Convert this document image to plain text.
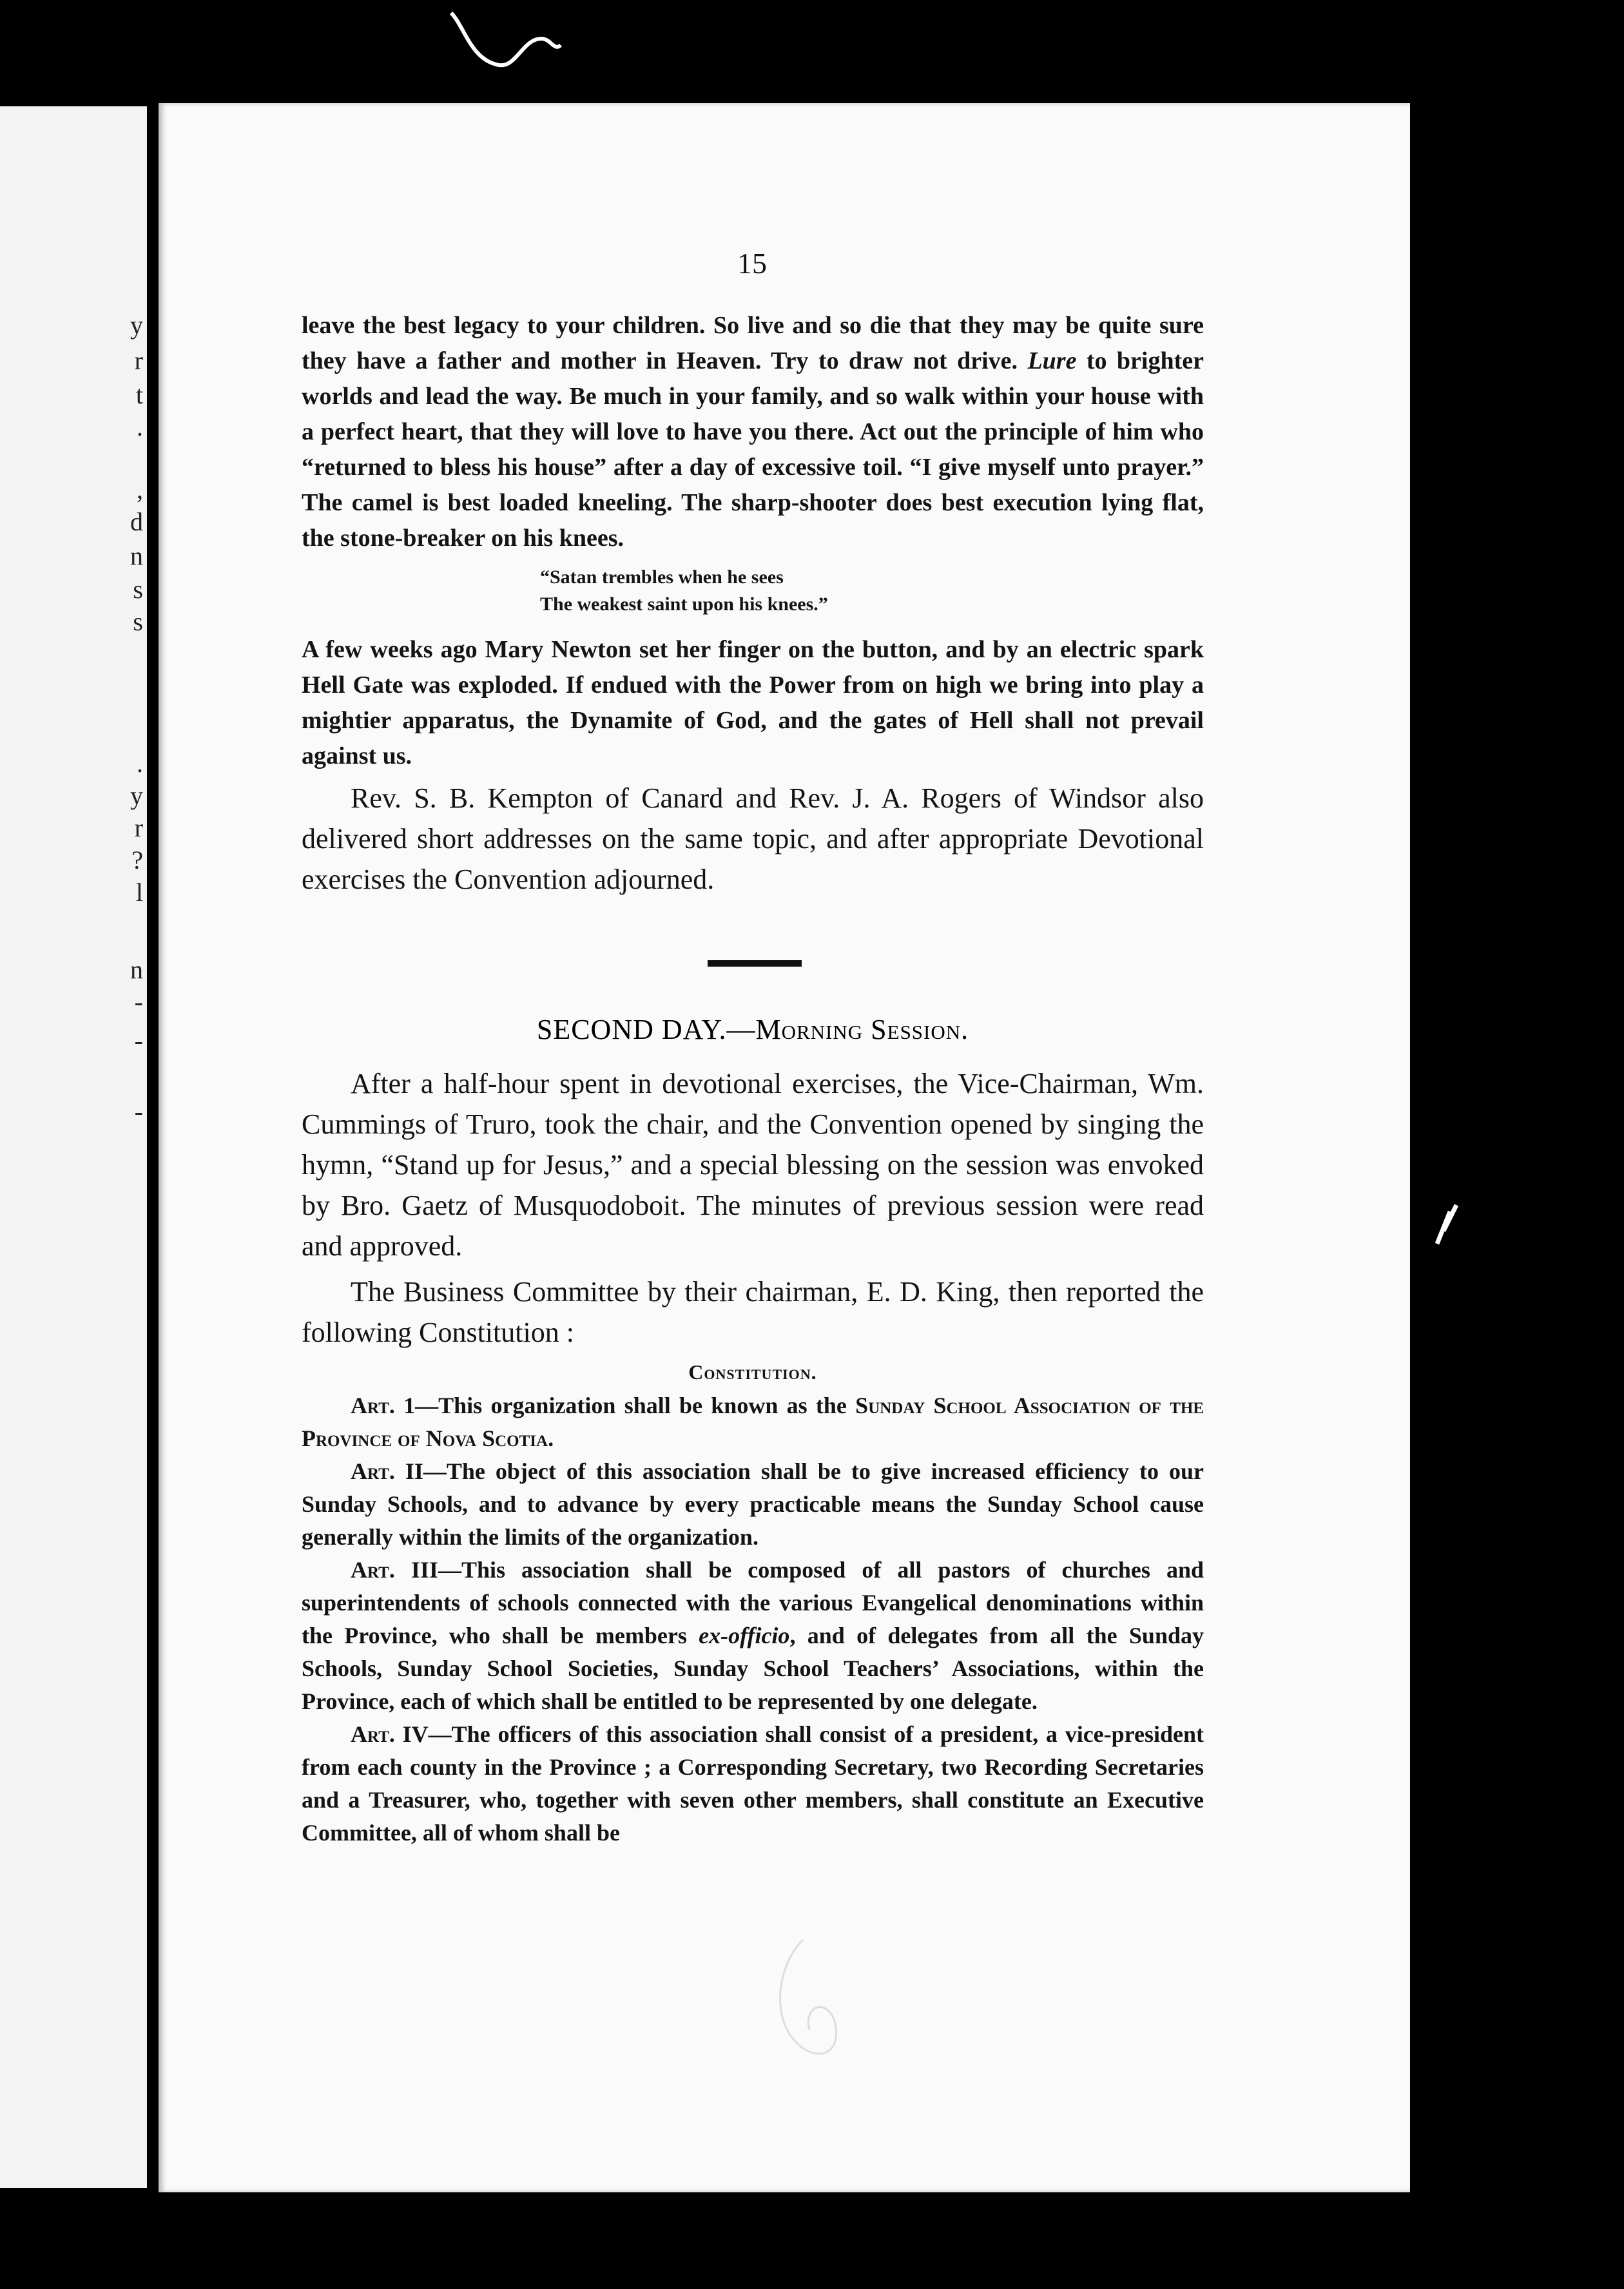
y
r
t
.
,
d
n
s
s
.
y
r
?
l
n
-
-
-
15

leave the best legacy to your children. So live and so die that they may be quite sure they have a father and mother in Heaven. Try to draw not drive. Lure to brighter worlds and lead the way. Be much in your family, and so walk within your house with a perfect heart, that they will love to have you there. Act out the principle of him who “returned to bless his house” after a day of excessive toil. “I give myself unto prayer.” The camel is best loaded kneeling. The sharp-shooter does best execution lying flat, the stone-breaker on his knees.

“Satan trembles when he sees

The weakest saint upon his knees.”

A few weeks ago Mary Newton set her finger on the button, and by an electric spark Hell Gate was exploded. If endued with the Power from on high we bring into play a mightier apparatus, the Dynamite of God, and the gates of Hell shall not prevail against us.

Rev. S. B. Kempton of Canard and Rev. J. A. Rogers of Windsor also delivered short addresses on the same topic, and after appropriate Devotional exercises the Convention adjourned.

SECOND DAY.—Morning Session.

After a half-hour spent in devotional exercises, the Vice-Chairman, Wm. Cummings of Truro, took the chair, and the Convention opened by singing the hymn, “Stand up for Jesus,” and a special blessing on the session was envoked by Bro. Gaetz of Musquodoboit. The minutes of previous session were read and approved.

The Business Committee by their chairman, E. D. King, then reported the following Constitution :

Constitution.

Art. 1—This organization shall be known as the Sunday School Association of the Province of Nova Scotia.

Art. II—The object of this association shall be to give increased efficiency to our Sunday Schools, and to advance by every practicable means the Sunday School cause generally within the limits of the organization.

Art. III—This association shall be composed of all pastors of churches and superintendents of schools connected with the various Evangelical denominations within the Province, who shall be members ex-officio, and of delegates from all the Sunday Schools, Sunday School Societies, Sunday School Teachers’ Associations, within the Province, each of which shall be entitled to be represented by one delegate.

Art. IV—The officers of this association shall consist of a president, a vice-president from each county in the Province ; a Corresponding Secretary, two Recording Secretaries and a Treasurer, who, together with seven other members, shall constitute an Executive Committee, all of whom shall be
